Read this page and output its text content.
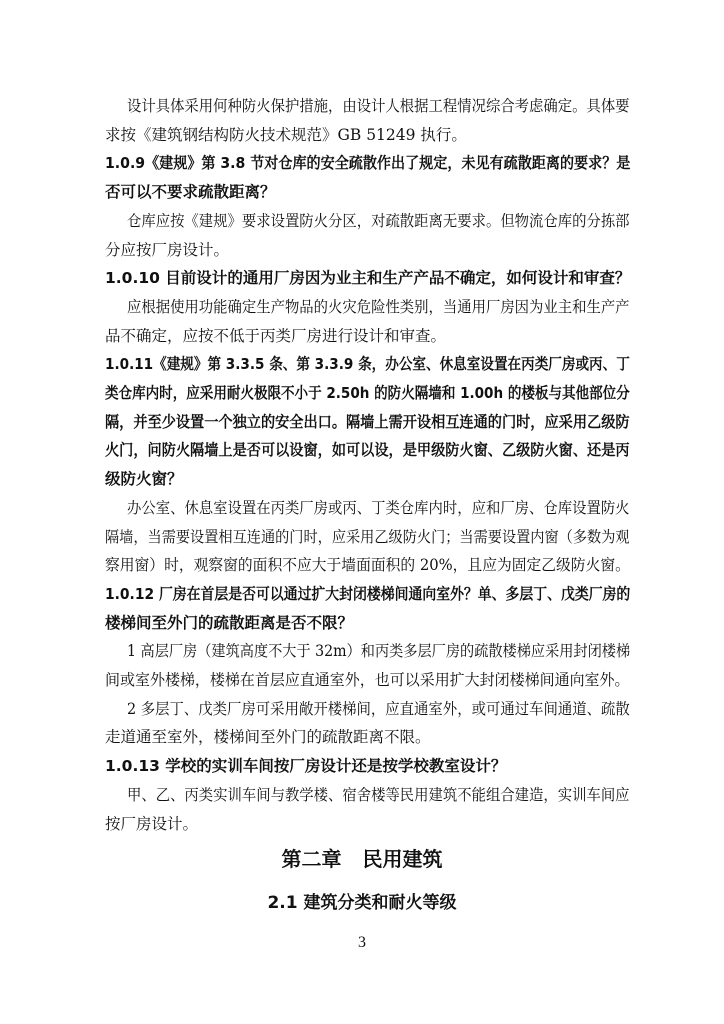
设计具体采用何种防火保护措施，由设计人根据工程情况综合考虑确定。具体要
求按《建筑钢结构防火技术规范》GB 51249 执行。
1.0.9《建规》第 3.8 节对仓库的安全疏散作出了规定，未见有疏散距离的要求？是
否可以不要求疏散距离？
仓库应按《建规》要求设置防火分区，对疏散距离无要求。但物流仓库的分拣部
分应按厂房设计。
1.0.10 目前设计的通用厂房因为业主和生产产品不确定，如何设计和审查？
应根据使用功能确定生产物品的火灾危险性类别，当通用厂房因为业主和生产产
品不确定，应按不低于丙类厂房进行设计和审查。
1.0.11《建规》第 3.3.5 条、第 3.3.9 条，办公室、休息室设置在丙类厂房或丙、丁
类仓库内时，应采用耐火极限不小于 2.50h 的防火隔墙和 1.00h 的楼板与其他部位分
隔，并至少设置一个独立的安全出口。隔墙上需开设相互连通的门时，应采用乙级防
火门，问防火隔墙上是否可以设窗，如可以设，是甲级防火窗、乙级防火窗、还是丙
级防火窗？
办公室、休息室设置在丙类厂房或丙、丁类仓库内时，应和厂房、仓库设置防火
隔墙，当需要设置相互连通的门时，应采用乙级防火门；当需要设置内窗（多数为观
察用窗）时，观察窗的面积不应大于墙面面积的 20%，且应为固定乙级防火窗。
1.0.12 厂房在首层是否可以通过扩大封闭楼梯间通向室外？单、多层丁、戊类厂房的
楼梯间至外门的疏散距离是否不限？
1 高层厂房（建筑高度不大于 32m）和丙类多层厂房的疏散楼梯应采用封闭楼梯
间或室外楼梯，楼梯在首层应直通室外，也可以采用扩大封闭楼梯间通向室外。
2 多层丁、戊类厂房可采用敞开楼梯间，应直通室外，或可通过车间通道、疏散
走道通至室外，楼梯间至外门的疏散距离不限。
1.0.13 学校的实训车间按厂房设计还是按学校教室设计？
甲、乙、丙类实训车间与教学楼、宿舍楼等民用建筑不能组合建造，实训车间应
按厂房设计。
第二章 民用建筑
2.1 建筑分类和耐火等级
3
